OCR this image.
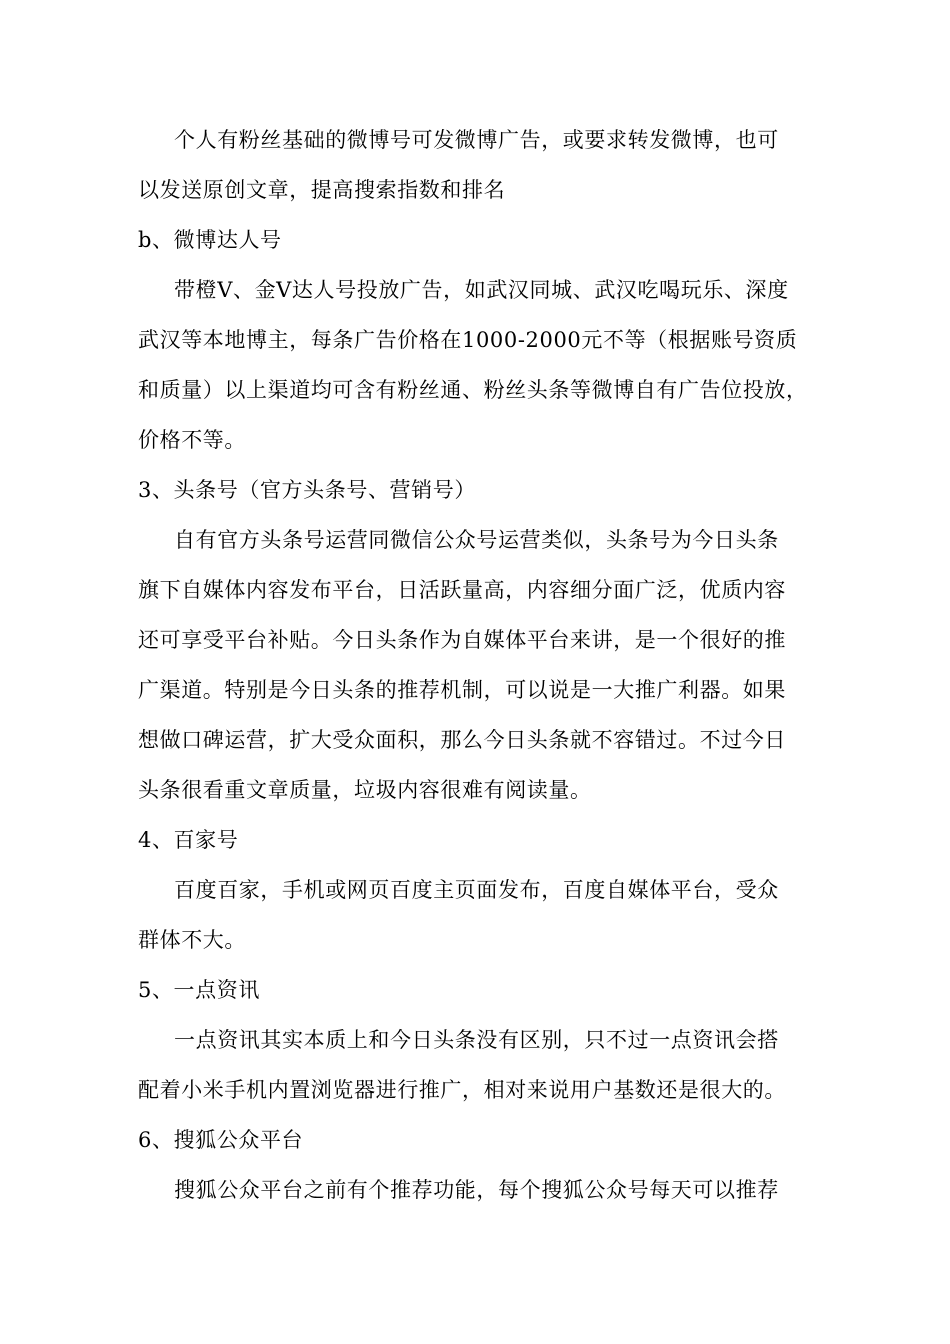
个人有粉丝基础的微博号可发微博广告，或要求转发微博，也可
以发送原创文章，提高搜索指数和排名
b、微博达人号
带橙V、金V达人号投放广告，如武汉同城、武汉吃喝玩乐、深度
武汉等本地博主，每条广告价格在1000-2000元不等（根据账号资质
和质量）以上渠道均可含有粉丝通、粉丝头条等微博自有广告位投放，
价格不等。
3、头条号（官方头条号、营销号）
自有官方头条号运营同微信公众号运营类似，头条号为今日头条
旗下自媒体内容发布平台，日活跃量高，内容细分面广泛，优质内容
还可享受平台补贴。今日头条作为自媒体平台来讲，是一个很好的推
广渠道。特别是今日头条的推荐机制，可以说是一大推广利器。如果
想做口碑运营，扩大受众面积，那么今日头条就不容错过。不过今日
头条很看重文章质量，垃圾内容很难有阅读量。
4、百家号
百度百家，手机或网页百度主页面发布，百度自媒体平台，受众
群体不大。
5、一点资讯
一点资讯其实本质上和今日头条没有区别，只不过一点资讯会搭
配着小米手机内置浏览器进行推广，相对来说用户基数还是很大的。
6、搜狐公众平台
搜狐公众平台之前有个推荐功能，每个搜狐公众号每天可以推荐
